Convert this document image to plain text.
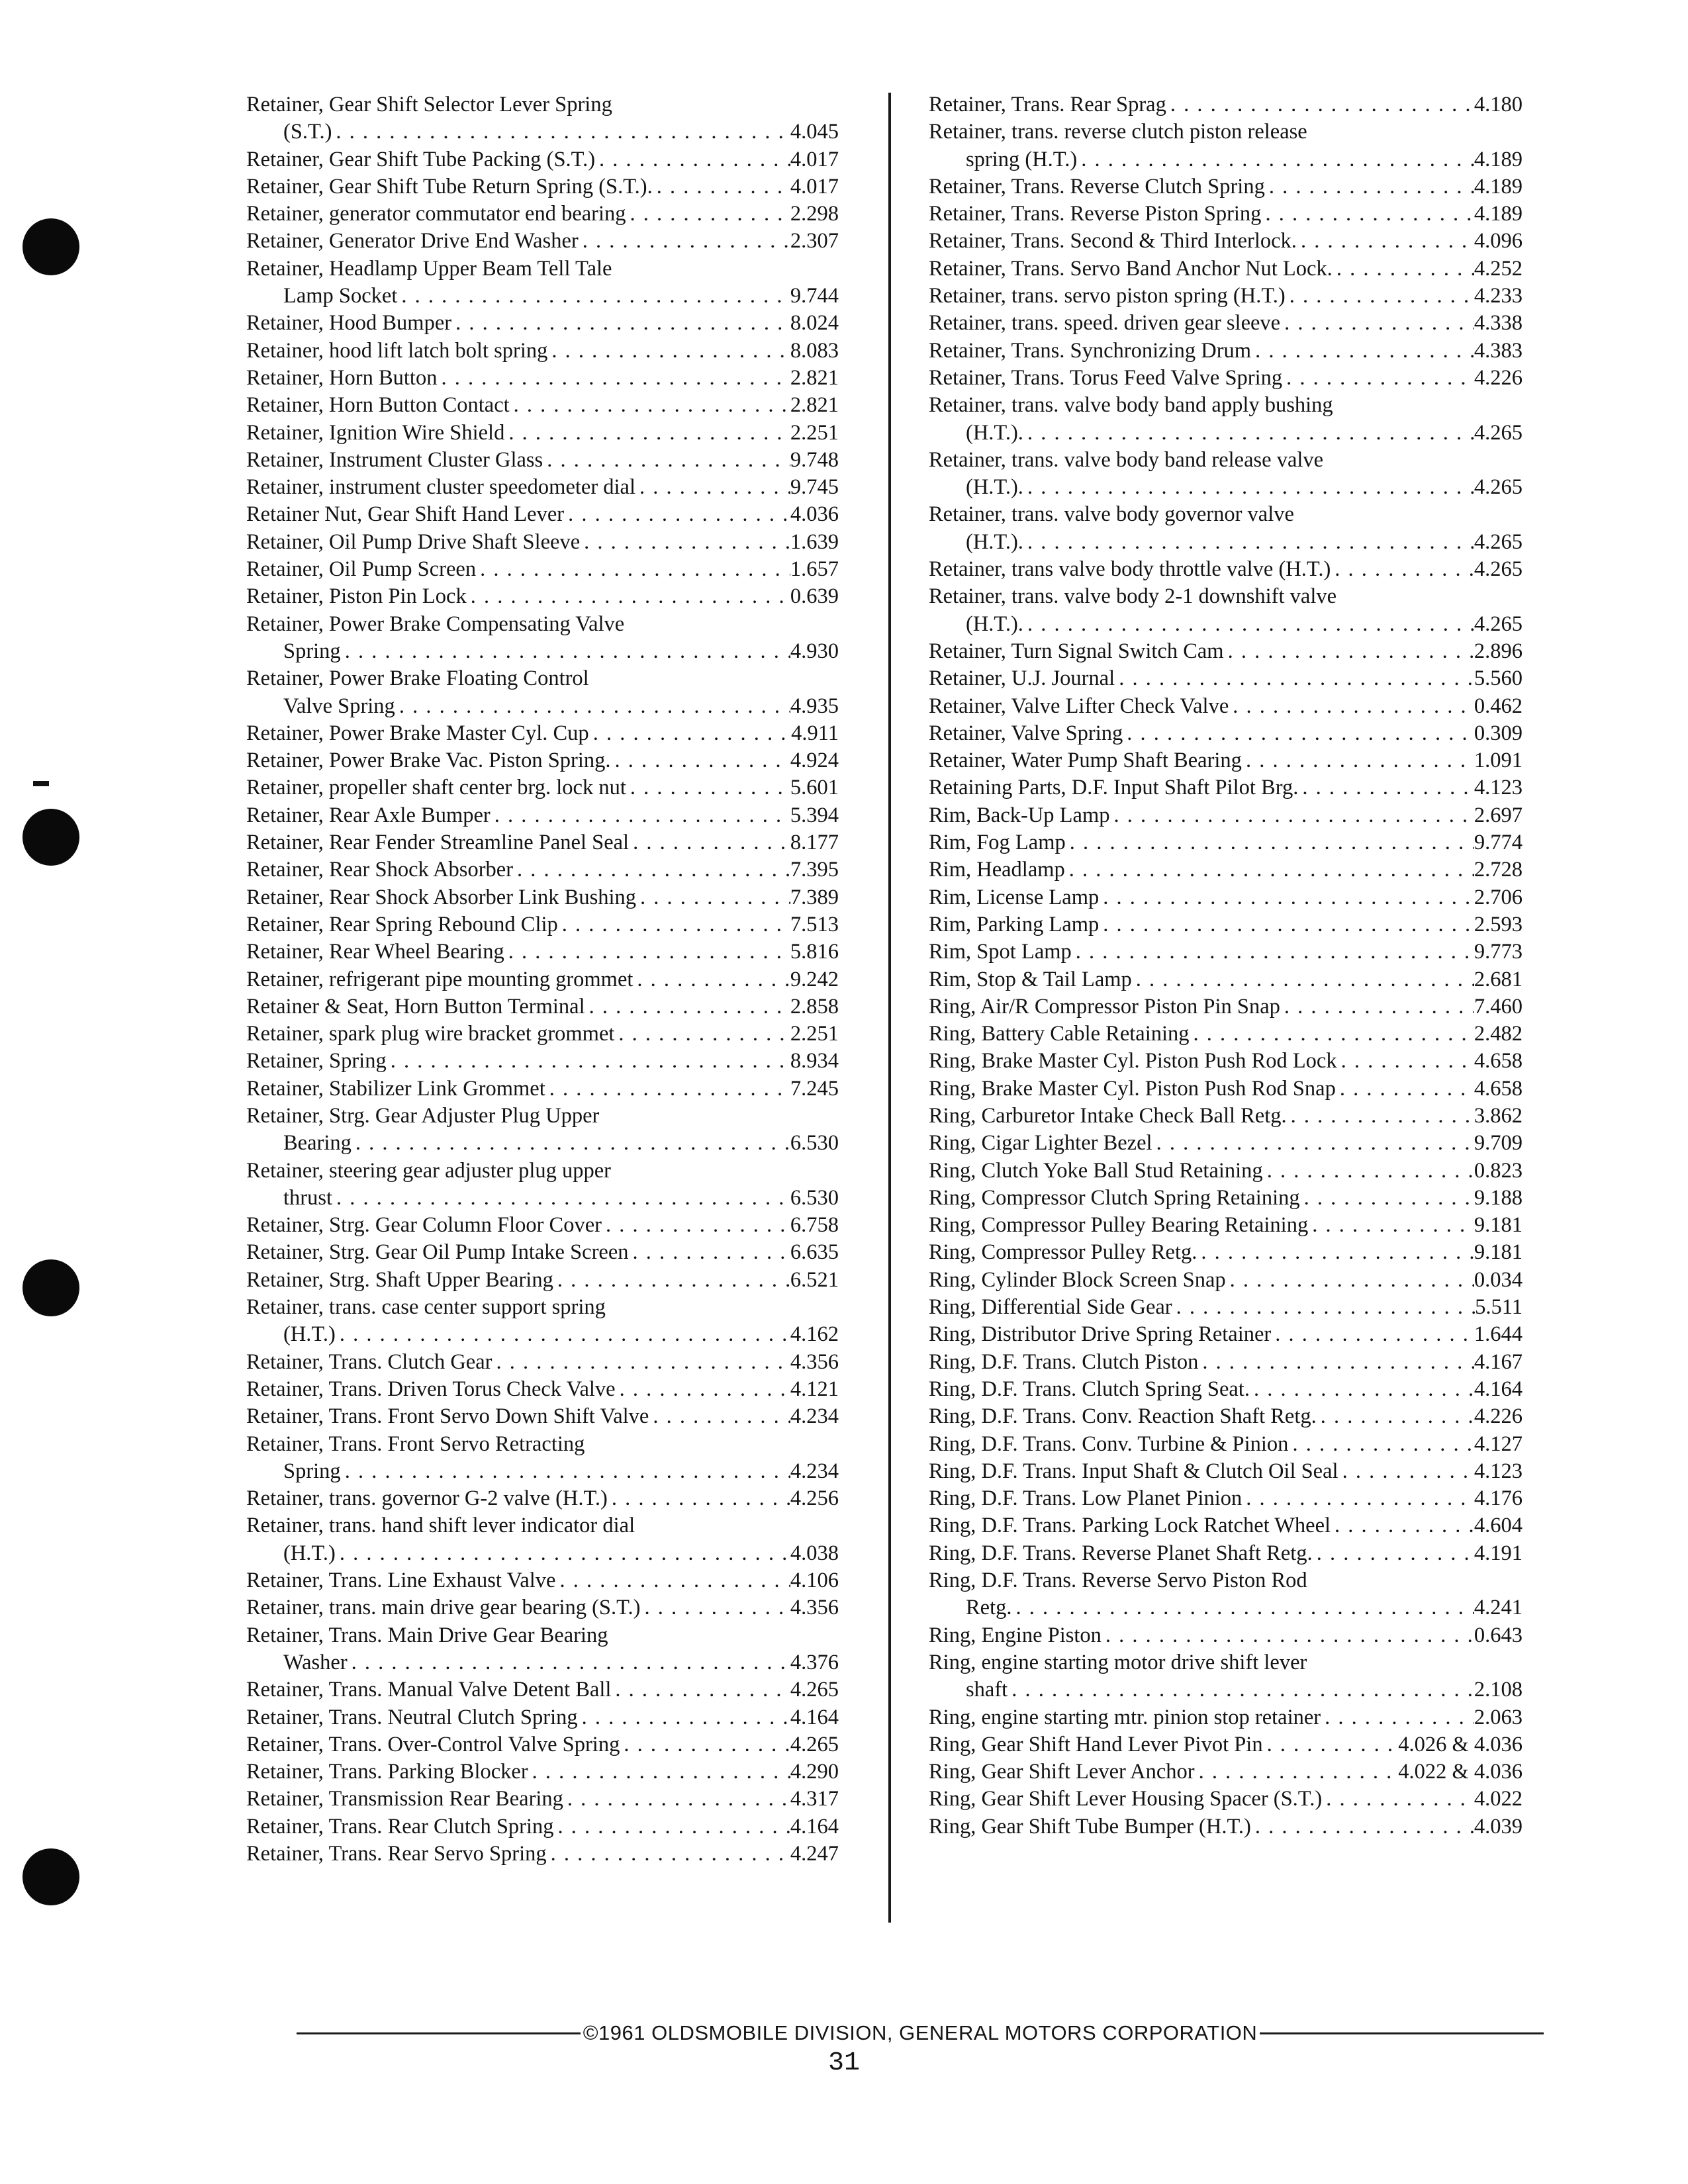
Retainer, Gear Shift Selector Lever Spring
(S.T.) . . .	4.045
Retainer, Gear Shift Tube Packing (S.T.) . . .	4.017
Retainer, Gear Shift Tube Return Spring (S.T.). . . .	4.017
Retainer, generator commutator end bearing . . .	2.298
Retainer, Generator Drive End Washer . . .	2.307
Retainer, Headlamp Upper Beam Tell Tale
Lamp Socket . . .	9.744
Retainer, Hood Bumper . . .	8.024
Retainer, hood lift latch bolt spring . . .	8.083
Retainer, Horn Button . . .	2.821
Retainer, Horn Button Contact . . .	2.821
Retainer, Ignition Wire Shield . . .	2.251
Retainer, Instrument Cluster Glass . . .	9.748
Retainer, instrument cluster speedometer dial . . .	9.745
Retainer Nut, Gear Shift Hand Lever . . .	4.036
Retainer, Oil Pump Drive Shaft Sleeve . . .	1.639
Retainer, Oil Pump Screen . . .	1.657
Retainer, Piston Pin Lock . . .	0.639
Retainer, Power Brake Compensating Valve
Spring . . .	4.930
Retainer, Power Brake Floating Control
Valve Spring . . .	4.935
Retainer, Power Brake Master Cyl. Cup . . .	4.911
Retainer, Power Brake Vac. Piston Spring. . . .	4.924
Retainer, propeller shaft center brg. lock nut . . .	5.601
Retainer, Rear Axle Bumper . . .	5.394
Retainer, Rear Fender Streamline Panel Seal . . .	8.177
Retainer, Rear Shock Absorber . . .	7.395
Retainer, Rear Shock Absorber Link Bushing . . .	7.389
Retainer, Rear Spring Rebound Clip . . .	7.513
Retainer, Rear Wheel Bearing . . .	5.816
Retainer, refrigerant pipe mounting grommet . . .	9.242
Retainer & Seat, Horn Button Terminal . . .	2.858
Retainer, spark plug wire bracket grommet . . .	2.251
Retainer, Spring . . .	8.934
Retainer, Stabilizer Link Grommet . . .	7.245
Retainer, Strg. Gear Adjuster Plug Upper
Bearing . . .	6.530
Retainer, steering gear adjuster plug upper
thrust . . .	6.530
Retainer, Strg. Gear Column Floor Cover . . .	6.758
Retainer, Strg. Gear Oil Pump Intake Screen . . .	6.635
Retainer, Strg. Shaft Upper Bearing . . .	6.521
Retainer, trans. case center support spring
(H.T.) . . .	4.162
Retainer, Trans. Clutch Gear . . .	4.356
Retainer, Trans. Driven Torus Check Valve . . .	4.121
Retainer, Trans. Front Servo Down Shift Valve . . .	4.234
Retainer, Trans. Front Servo Retracting
Spring . . .	4.234
Retainer, trans. governor G-2 valve (H.T.) . . .	4.256
Retainer, trans. hand shift lever indicator dial
(H.T.) . . .	4.038
Retainer, Trans. Line Exhaust Valve . . .	4.106
Retainer, trans. main drive gear bearing (S.T.) . . .	4.356
Retainer, Trans. Main Drive Gear Bearing
Washer . . .	4.376
Retainer, Trans. Manual Valve Detent Ball . . .	4.265
Retainer, Trans. Neutral Clutch Spring . . .	4.164
Retainer, Trans. Over-Control Valve Spring . . .	4.265
Retainer, Trans. Parking Blocker . . .	4.290
Retainer, Transmission Rear Bearing . . .	4.317
Retainer, Trans. Rear Clutch Spring . . .	4.164
Retainer, Trans. Rear Servo Spring . . .	4.247
Retainer, Trans. Rear Sprag . . .	4.180
Retainer, trans. reverse clutch piston release
spring (H.T.) . . .	4.189
Retainer, Trans. Reverse Clutch Spring . . .	4.189
Retainer, Trans. Reverse Piston Spring . . .	4.189
Retainer, Trans. Second & Third Interlock. . . .	4.096
Retainer, Trans. Servo Band Anchor Nut Lock. . . .	4.252
Retainer, trans. servo piston spring (H.T.) . . .	4.233
Retainer, trans. speed. driven gear sleeve . . .	4.338
Retainer, Trans. Synchronizing Drum . . .	4.383
Retainer, Trans. Torus Feed Valve Spring . . .	4.226
Retainer, trans. valve body band apply bushing
(H.T.). . . .	4.265
Retainer, trans. valve body band release valve
(H.T.). . . .	4.265
Retainer, trans. valve body governor valve
(H.T.). . . .	4.265
Retainer, trans valve body throttle valve (H.T.) . . .	4.265
Retainer, trans. valve body 2-1 downshift valve
(H.T.). . . .	4.265
Retainer, Turn Signal Switch Cam . . .	2.896
Retainer, U.J. Journal . . .	5.560
Retainer, Valve Lifter Check Valve . . .	0.462
Retainer, Valve Spring . . .	0.309
Retainer, Water Pump Shaft Bearing . . .	1.091
Retaining Parts, D.F. Input Shaft Pilot Brg. . . .	4.123
Rim, Back-Up Lamp . . .	2.697
Rim, Fog Lamp . . .	9.774
Rim, Headlamp . . .	2.728
Rim, License Lamp . . .	2.706
Rim, Parking Lamp . . .	2.593
Rim, Spot Lamp . . .	9.773
Rim, Stop & Tail Lamp . . .	2.681
Ring, Air/R Compressor Piston Pin Snap . . .	7.460
Ring, Battery Cable Retaining . . .	2.482
Ring, Brake Master Cyl. Piston Push Rod Lock . . .	4.658
Ring, Brake Master Cyl. Piston Push Rod Snap . . .	4.658
Ring, Carburetor Intake Check Ball Retg. . . .	3.862
Ring, Cigar Lighter Bezel . . .	9.709
Ring, Clutch Yoke Ball Stud Retaining . . .	0.823
Ring, Compressor Clutch Spring Retaining . . .	9.188
Ring, Compressor Pulley Bearing Retaining . . .	9.181
Ring, Compressor Pulley Retg. . . .	9.181
Ring, Cylinder Block Screen Snap . . .	0.034
Ring, Differential Side Gear . . .	5.511
Ring, Distributor Drive Spring Retainer . . .	1.644
Ring, D.F. Trans. Clutch Piston . . .	4.167
Ring, D.F. Trans. Clutch Spring Seat. . . .	4.164
Ring, D.F. Trans. Conv. Reaction Shaft Retg. . . .	4.226
Ring, D.F. Trans. Conv. Turbine & Pinion . . .	4.127
Ring, D.F. Trans. Input Shaft & Clutch Oil Seal . . .	4.123
Ring, D.F. Trans. Low Planet Pinion . . .	4.176
Ring, D.F. Trans. Parking Lock Ratchet Wheel . . .	4.604
Ring, D.F. Trans. Reverse Planet Shaft Retg. . . .	4.191
Ring, D.F. Trans. Reverse Servo Piston Rod
Retg. . . .	4.241
Ring, Engine Piston . . .	0.643
Ring, engine starting motor drive shift lever
shaft . . .	2.108
Ring, engine starting mtr. pinion stop retainer . . .	2.063
Ring, Gear Shift Hand Lever Pivot Pin . . .	4.026 & 4.036
Ring, Gear Shift Lever Anchor . . .	4.022 & 4.036
Ring, Gear Shift Lever Housing Spacer (S.T.) . . .	4.022
Ring, Gear Shift Tube Bumper (H.T.) . . .	4.039
©1961 OLDSMOBILE DIVISION, GENERAL MOTORS CORPORATION
31
